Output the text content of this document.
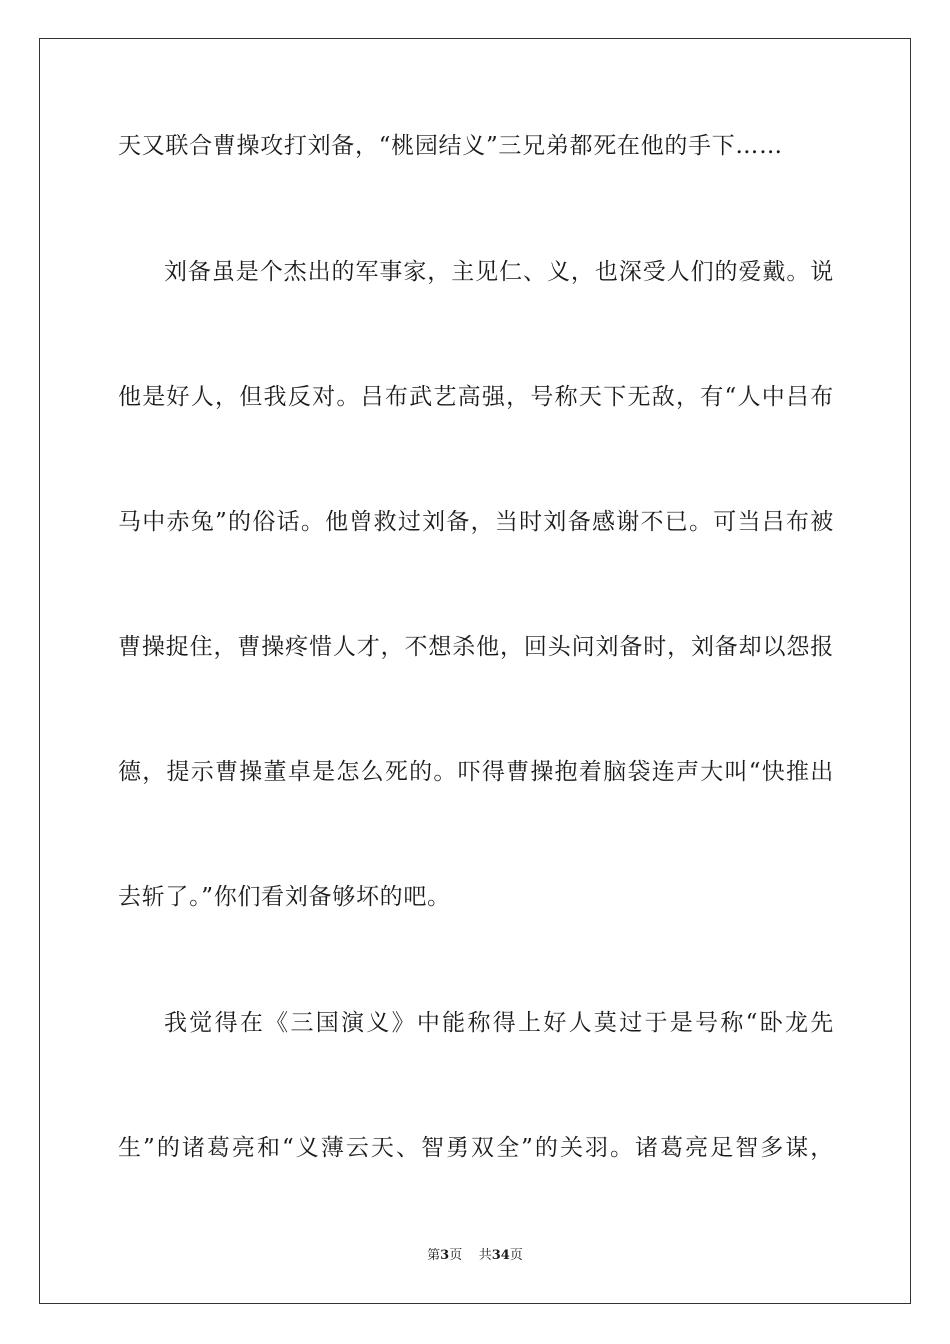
天又联合曹操攻打刘备，“桃园结义”三兄弟都死在他的手下……
刘备虽是个杰出的军事家，主见仁、义，也深受人们的爱戴。说
他是好人，但我反对。吕布武艺高强，号称天下无敌，有“人中吕布
马中赤兔”的俗话。他曾救过刘备，当时刘备感谢不已。可当吕布被
曹操捉住，曹操疼惜人才，不想杀他，回头问刘备时，刘备却以怨报
德，提示曹操董卓是怎么死的。吓得曹操抱着脑袋连声大叫“快推出
去斩了。”你们看刘备够坏的吧。
我觉得在《三国演义》中能称得上好人莫过于是号称“卧龙先
生”的诸葛亮和“义薄云天、智勇双全”的关羽。诸葛亮足智多谋，
第3页 共34页
